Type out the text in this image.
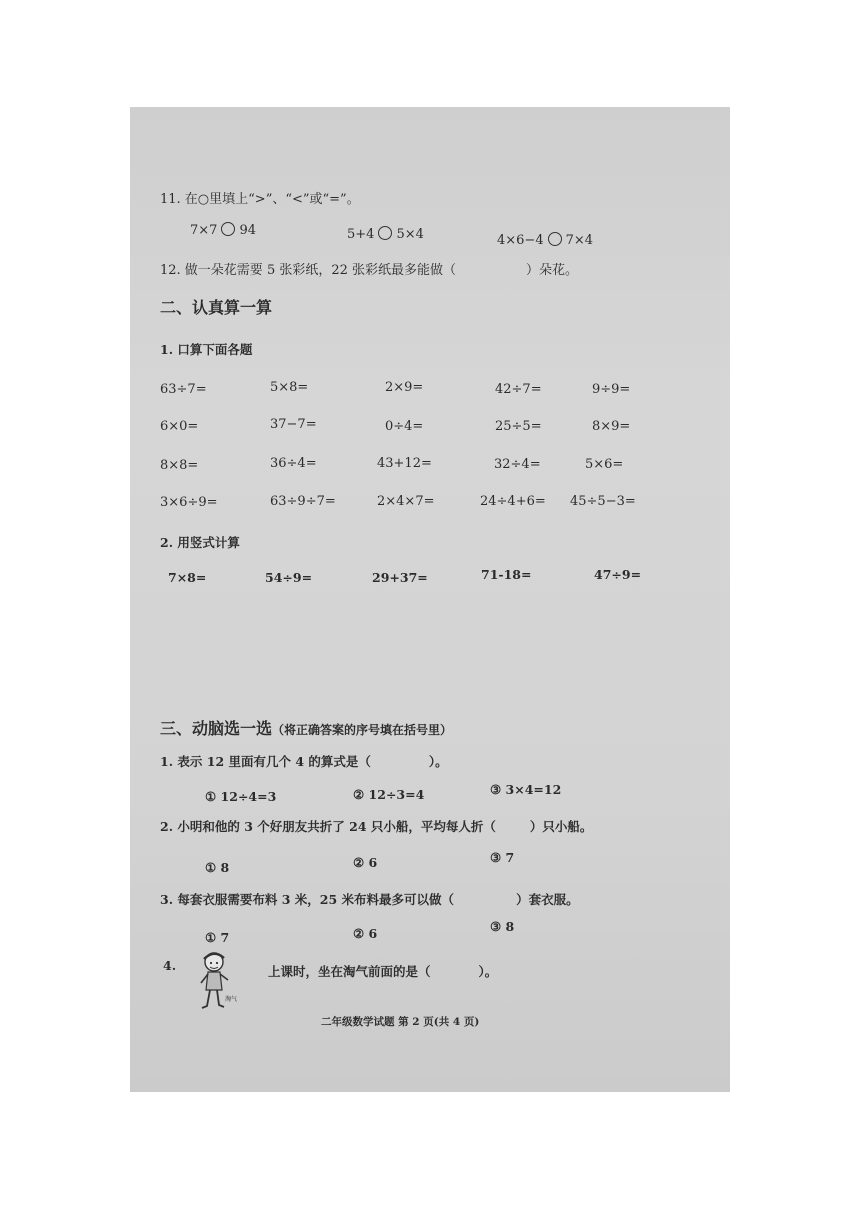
11. 在○里填上“>”、“<”或“=”。
7×7 94	5+4 5×4	4×6−4 7×4
12. 做一朵花需要 5 张彩纸，22 张彩纸最多能做（	）朵花。
二、认真算一算
1. 口算下面各题
63÷7=	5×8=	2×9=	42÷7=	9÷9=
6×0=	37−7=	0÷4=	25÷5=	8×9=
8×8=	36÷4=	43+12=	32÷4=	5×6=
3×6÷9=	63÷9÷7=	2×4×7=	24÷4+6= 45÷5−3=
2. 用竖式计算
7×8=	54÷9=	29+37=	71-18=	47÷9=
三、动脑选一选（将正确答案的序号填在括号里）
1. 表示 12 里面有几个 4 的算式是（	）。
① 12÷4=3	② 12÷3=4	③ 3×4=12
2. 小明和他的 3 个好朋友共折了 24 只小船，平均每人折（	）只小船。
① 8	② 6	③ 7
3. 每套衣服需要布料 3 米，25 米布料最多可以做（	）套衣服。
① 7	② 6	③ 8
4.
淘气
上课时，坐在淘气前面的是（	）。
二年级数学试题 第 2 页(共 4 页)
